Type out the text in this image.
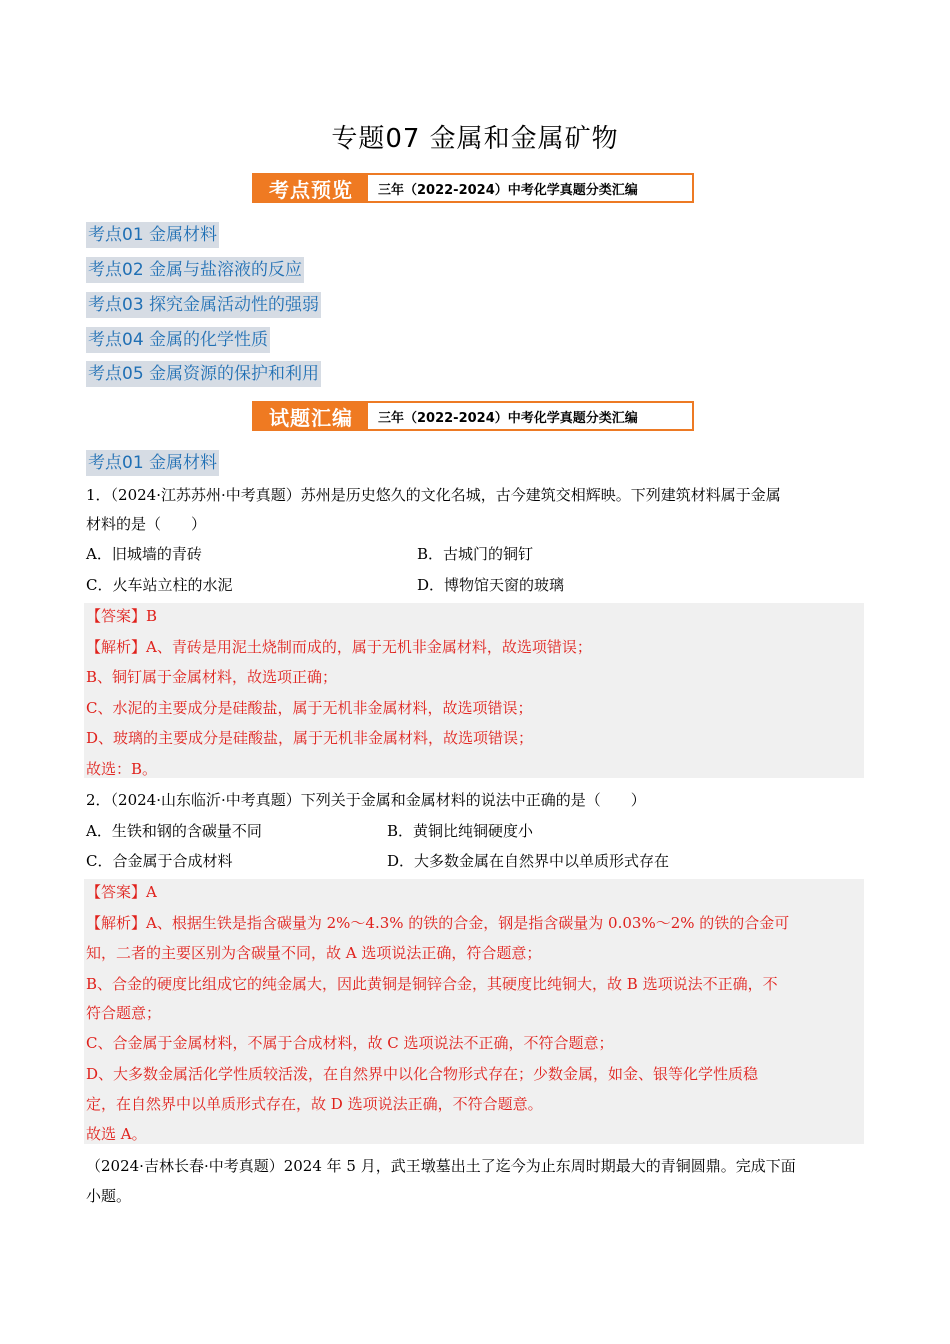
专题07 金属和金属矿物
考点预览	三年（2022-2024）中考化学真题分类汇编
考点01 金属材料
考点02 金属与盐溶液的反应
考点03 探究金属活动性的强弱
考点04 金属的化学性质
考点05 金属资源的保护和利用
试题汇编	三年（2022-2024）中考化学真题分类汇编
考点01 金属材料
1．（2024·江苏苏州·中考真题）苏州是历史悠久的文化名城，古今建筑交相辉映。下列建筑材料属于金属
材料的是（　　）
A．旧城墙的青砖	B．古城门的铜钉
C．火车站立柱的水泥	D．博物馆天窗的玻璃
【答案】B
【解析】A、青砖是用泥土烧制而成的，属于无机非金属材料，故选项错误；
B、铜钉属于金属材料，故选项正确；
C、水泥的主要成分是硅酸盐，属于无机非金属材料，故选项错误；
D、玻璃的主要成分是硅酸盐，属于无机非金属材料，故选项错误；
故选：B。
2．（2024·山东临沂·中考真题）下列关于金属和金属材料的说法中正确的是（　　）
A．生铁和钢的含碳量不同	B．黄铜比纯铜硬度小
C．合金属于合成材料	D．大多数金属在自然界中以单质形式存在
【答案】A
【解析】A、根据生铁是指含碳量为 2%～4.3% 的铁的合金，钢是指含碳量为 0.03%～2% 的铁的合金可
知，二者的主要区别为含碳量不同，故 A 选项说法正确，符合题意；
B、合金的硬度比组成它的纯金属大，因此黄铜是铜锌合金，其硬度比纯铜大，故 B 选项说法不正确，不
符合题意；
C、合金属于金属材料，不属于合成材料，故 C 选项说法不正确，不符合题意；
D、大多数金属活化学性质较活泼，在自然界中以化合物形式存在；少数金属，如金、银等化学性质稳
定，在自然界中以单质形式存在，故 D 选项说法正确，不符合题意。
故选 A。
（2024·吉林长春·中考真题）2024 年 5 月，武王墩墓出土了迄今为止东周时期最大的青铜圆鼎。完成下面
小题。
